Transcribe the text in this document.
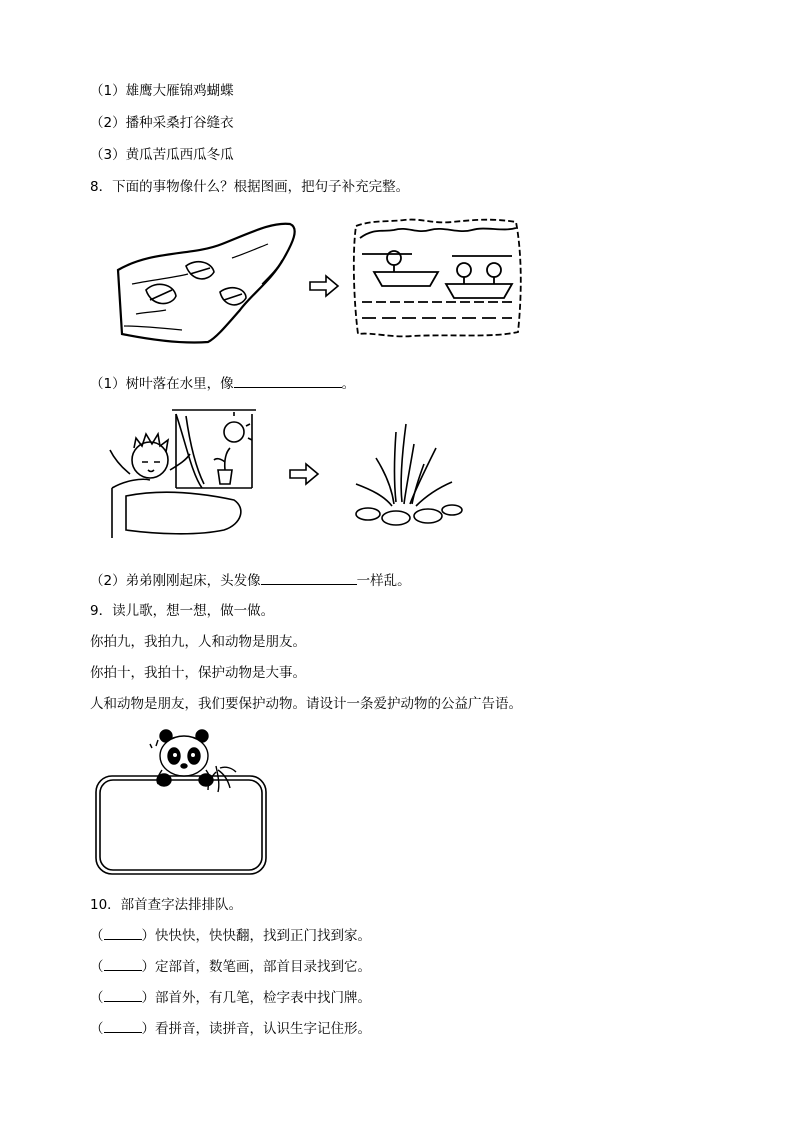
（1）雄鹰大雁锦鸡蝴蝶
（2）播种采桑打谷缝衣
（3）黄瓜苦瓜西瓜冬瓜
8．下面的事物像什么？根据图画，把句子补充完整。
（1）树叶落在水里，像	。
（2）弟弟刚刚起床，头发像	一样乱。
9．读儿歌，想一想，做一做。
你拍九，我拍九，人和动物是朋友。
你拍十，我拍十，保护动物是大事。
人和动物是朋友，我们要保护动物。请设计一条爱护动物的公益广告语。
10．部首查字法排排队。
（	）快快快，快快翻，找到正门找到家。
（	）定部首，数笔画，部首目录找到它。
（	）部首外，有几笔，检字表中找门牌。
（	）看拼音，读拼音，认识生字记住形。
